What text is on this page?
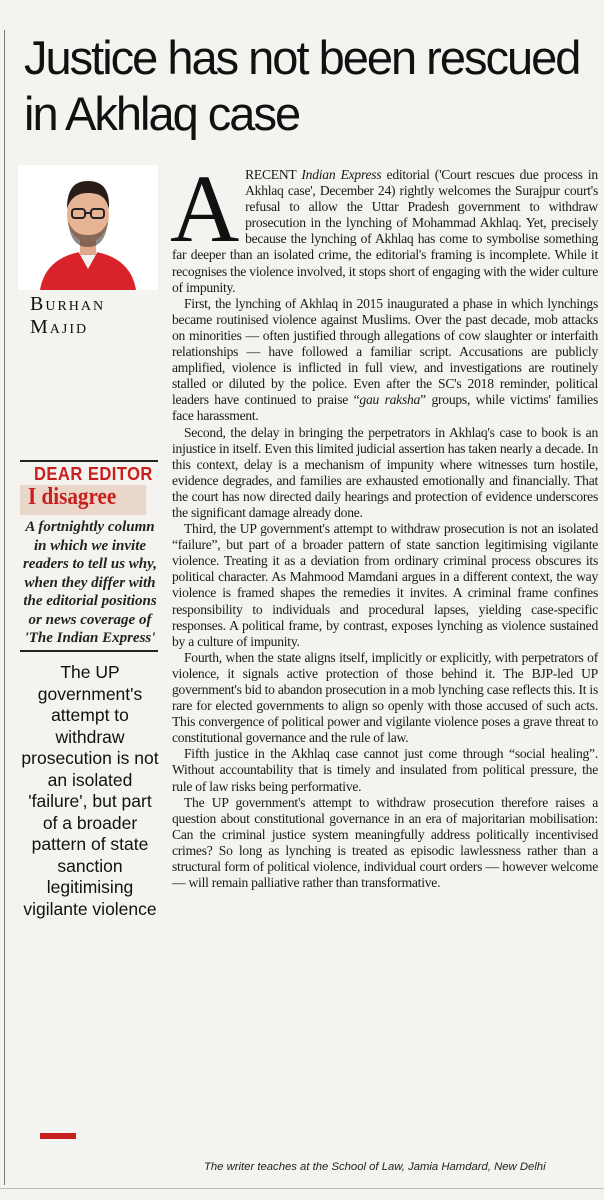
Justice has not been rescued in Akhlaq case
Burhan
Majid
DEAR EDITOR
I disagree

A fortnightly column in which we invite readers to tell us why, when they differ with the editorial positions or news coverage of 'The Indian Express'

The UP government's attempt to withdraw prosecution is not an isolated 'failure', but part of a broader pattern of state sanction legitimising vigilante violence

ARECENT Indian Express editorial ('Court rescues due process in Akhlaq case', December 24) rightly welcomes the Surajpur court's refusal to allow the Uttar Pradesh government to withdraw prosecution in the lynching of Mohammad Akhlaq. Yet, precisely because the lynching of Akhlaq has come to symbolise something far deeper than an isolated crime, the editorial's framing is incomplete. While it recognises the violence involved, it stops short of engaging with the wider culture of impunity.

First, the lynching of Akhlaq in 2015 inaugurated a phase in which lynchings became routinised violence against Muslims. Over the past decade, mob attacks on minorities — often justified through allegations of cow slaughter or interfaith relationships — have followed a familiar script. Accusations are publicly amplified, violence is inflicted in full view, and investigations are routinely stalled or diluted by the police. Even after the SC's 2018 reminder, political leaders have continued to praise “gau raksha” groups, while victims' families face harassment.

Second, the delay in bringing the perpetrators in Akhlaq's case to book is an injustice in itself. Even this limited judicial assertion has taken nearly a decade. In this context, delay is a mechanism of impunity where witnesses turn hostile, evidence degrades, and families are exhausted emotionally and financially. That the court has now directed daily hearings and protection of evidence underscores the significant damage already done.

Third, the UP government's attempt to withdraw prosecution is not an isolated “failure”, but part of a broader pattern of state sanction legitimising vigilante violence. Treating it as a deviation from ordinary criminal process obscures its political character. As Mahmood Mamdani argues in a different context, the way violence is framed shapes the remedies it invites. A criminal frame confines responsibility to individuals and procedural lapses, yielding case-specific responses. A political frame, by contrast, exposes lynching as violence sustained by a culture of impunity.

Fourth, when the state aligns itself, implicitly or explicitly, with perpetrators of violence, it signals active protection of those behind it. The BJP-led UP government's bid to abandon prosecution in a mob lynching case reflects this. It is rare for elected governments to align so openly with those accused of such acts. This convergence of political power and vigilante violence poses a grave threat to constitutional governance and the rule of law.

Fifth justice in the Akhlaq case cannot just come through “social healing”. Without accountability that is timely and insulated from political pressure, the rule of law risks being performative.

The UP government's attempt to withdraw prosecution therefore raises a question about constitutional governance in an era of majoritarian mobilisation: Can the criminal justice system meaningfully address politically incentivised crimes? So long as lynching is treated as episodic lawlessness rather than a structural form of political violence, individual court orders — however welcome — will remain palliative rather than transformative.

The writer teaches at the School of Law, Jamia Hamdard, New Delhi
